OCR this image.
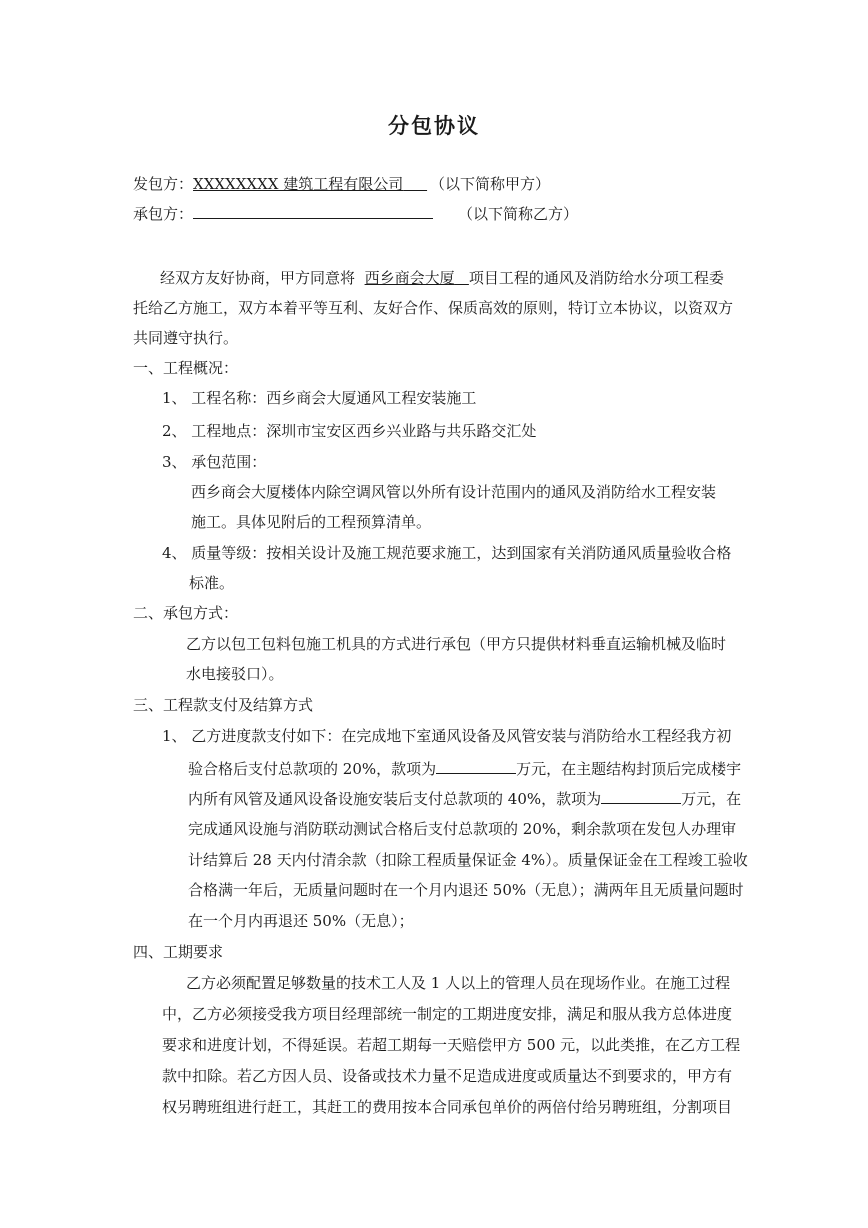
分包协议
发包方：XXXXXXXX 建筑工程有限公司	（以下简称甲方）
承包方：	（以下简称乙方）
经双方友好协商，甲方同意将 西乡商会大厦 项目工程的通风及消防给水分项工程委
托给乙方施工，双方本着平等互利、友好合作、保质高效的原则，特订立本协议，以资双方
共同遵守执行。
一、工程概况：
1、 工程名称：西乡商会大厦通风工程安装施工
2、 工程地点：深圳市宝安区西乡兴业路与共乐路交汇处
3、 承包范围：
西乡商会大厦楼体内除空调风管以外所有设计范围内的通风及消防给水工程安装
施工。具体见附后的工程预算清单。
4、 质量等级：按相关设计及施工规范要求施工，达到国家有关消防通风质量验收合格
标准。
二、承包方式：
乙方以包工包料包施工机具的方式进行承包（甲方只提供材料垂直运输机械及临时
水电接驳口）。
三、工程款支付及结算方式
1、 乙方进度款支付如下：在完成地下室通风设备及风管安装与消防给水工程经我方初
验合格后支付总款项的 20%，款项为	万元，在主题结构封顶后完成楼宇
内所有风管及通风设备设施安装后支付总款项的 40%，款项为	万元，在
完成通风设施与消防联动测试合格后支付总款项的 20%，剩余款项在发包人办理审
计结算后 28 天内付清余款（扣除工程质量保证金 4%）。质量保证金在工程竣工验收
合格满一年后，无质量问题时在一个月内退还 50%（无息）；满两年且无质量问题时
在一个月内再退还 50%（无息）；
四、工期要求
乙方必须配置足够数量的技术工人及 1 人以上的管理人员在现场作业。在施工过程
中，乙方必须接受我方项目经理部统一制定的工期进度安排，满足和服从我方总体进度
要求和进度计划，不得延误。若超工期每一天赔偿甲方 500 元，以此类推，在乙方工程
款中扣除。若乙方因人员、设备或技术力量不足造成进度或质量达不到要求的，甲方有
权另聘班组进行赶工，其赶工的费用按本合同承包单价的两倍付给另聘班组，分割项目
